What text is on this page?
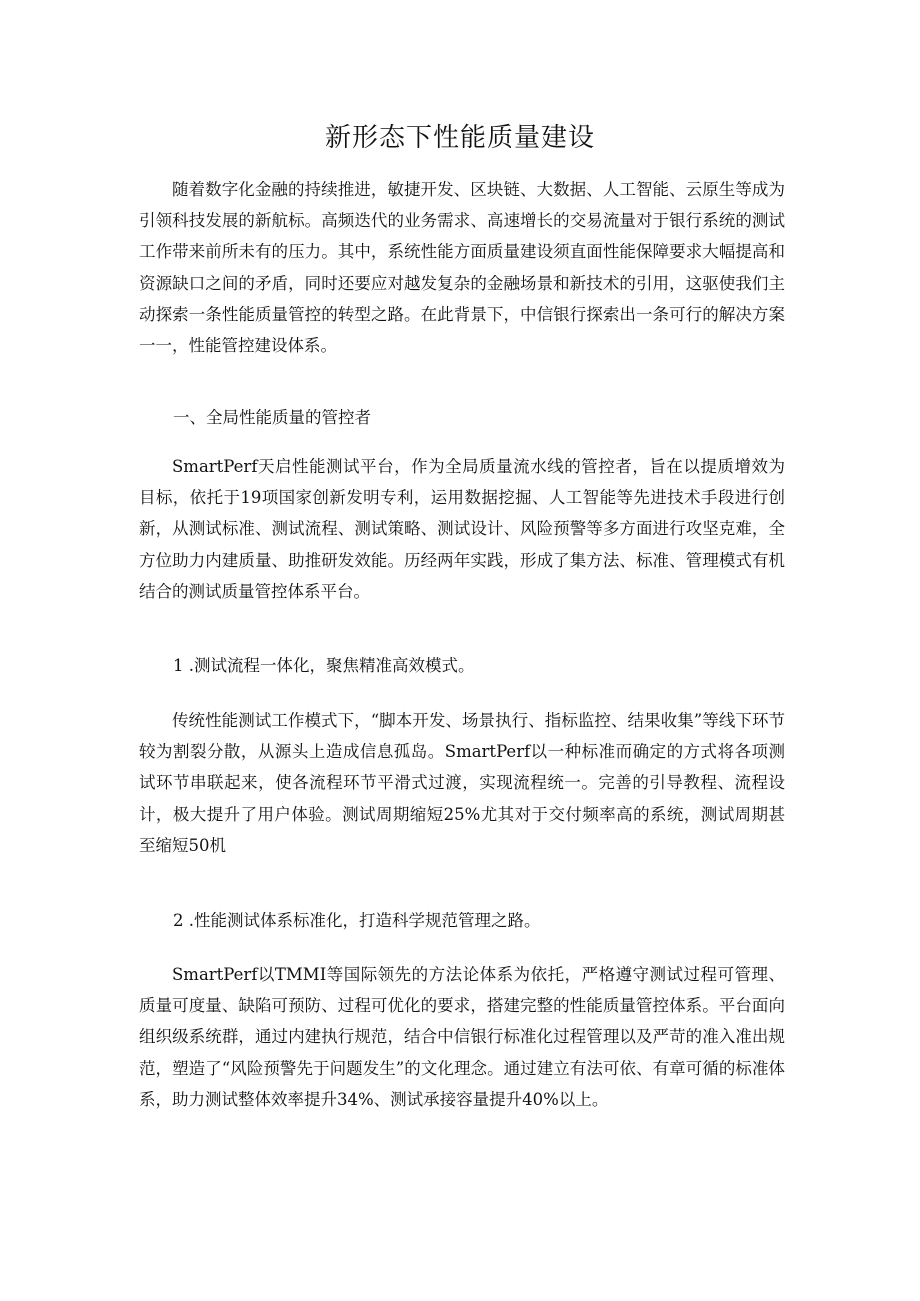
新形态下性能质量建设

随着数字化金融的持续推进，敏捷开发、区块链、大数据、人工智能、云原生等成为引领科技发展的新航标。高频迭代的业务需求、高速增长的交易流量对于银行系统的测试工作带来前所未有的压力。其中，系统性能方面质量建设须直面性能保障要求大幅提高和资源缺口之间的矛盾，同时还要应对越发复杂的金融场景和新技术的引用，这驱使我们主动探索一条性能质量管控的转型之路。在此背景下，中信银行探索出一条可行的解决方案一一，性能管控建设体系。

一、全局性能质量的管控者

SmartPerf天启性能测试平台，作为全局质量流水线的管控者，旨在以提质增效为目标，依托于19项国家创新发明专利，运用数据挖掘、人工智能等先进技术手段进行创新，从测试标准、测试流程、测试策略、测试设计、风险预警等多方面进行攻坚克难，全方位助力内建质量、助推研发效能。历经两年实践，形成了集方法、标准、管理模式有机结合的测试质量管控体系平台。

1 .测试流程一体化，聚焦精准高效模式。

传统性能测试工作模式下，“脚本开发、场景执行、指标监控、结果收集”等线下环节较为割裂分散，从源头上造成信息孤岛。SmartPerf以一种标准而确定的方式将各项测试环节串联起来，使各流程环节平滑式过渡，实现流程统一。完善的引导教程、流程设计，极大提升了用户体验。测试周期缩短25%尤其对于交付频率高的系统，测试周期甚至缩短50机

2 .性能测试体系标准化，打造科学规范管理之路。

SmartPerf以TMMI等国际领先的方法论体系为依托，严格遵守测试过程可管理、质量可度量、缺陷可预防、过程可优化的要求，搭建完整的性能质量管控体系。平台面向组织级系统群，通过内建执行规范，结合中信银行标准化过程管理以及严苛的准入准出规范，塑造了“风险预警先于问题发生”的文化理念。通过建立有法可依、有章可循的标准体系，助力测试整体效率提升34%、测试承接容量提升40%以上。
